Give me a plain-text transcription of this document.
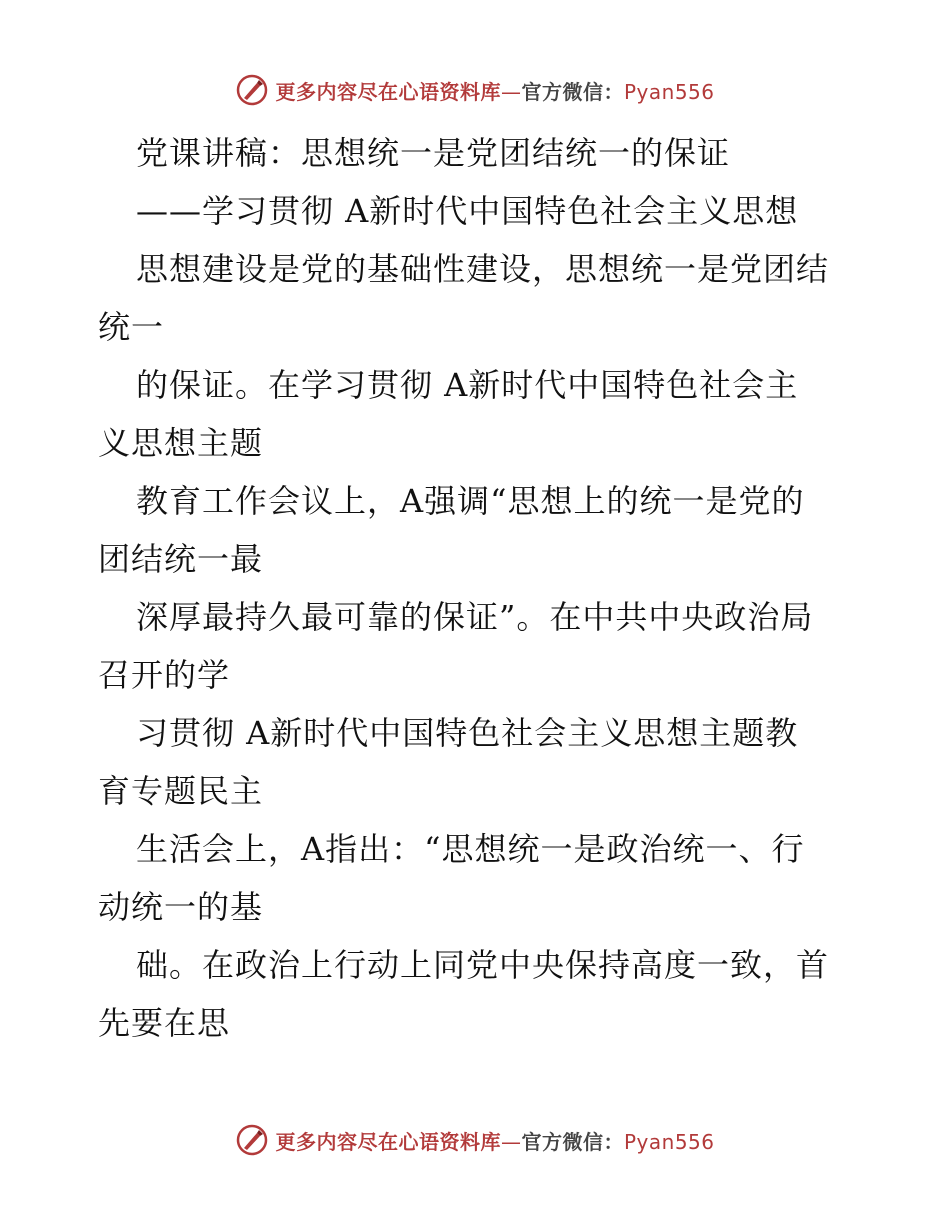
更多内容尽在心语资料库—官方微信：Pyan556
党课讲稿：思想统一是党团结统一的保证
——学习贯彻 A新时代中国特色社会主义思想
思想建设是党的基础性建设，思想统一是党团结
统一
的保证。在学习贯彻 A新时代中国特色社会主
义思想主题
教育工作会议上，A强调“思想上的统一是党的
团结统一最
深厚最持久最可靠的保证”。在中共中央政治局
召开的学
习贯彻 A新时代中国特色社会主义思想主题教
育专题民主
生活会上，A指出：“思想统一是政治统一、行
动统一的基
础。在政治上行动上同党中央保持高度一致，首
先要在思
更多内容尽在心语资料库—官方微信：Pyan556
